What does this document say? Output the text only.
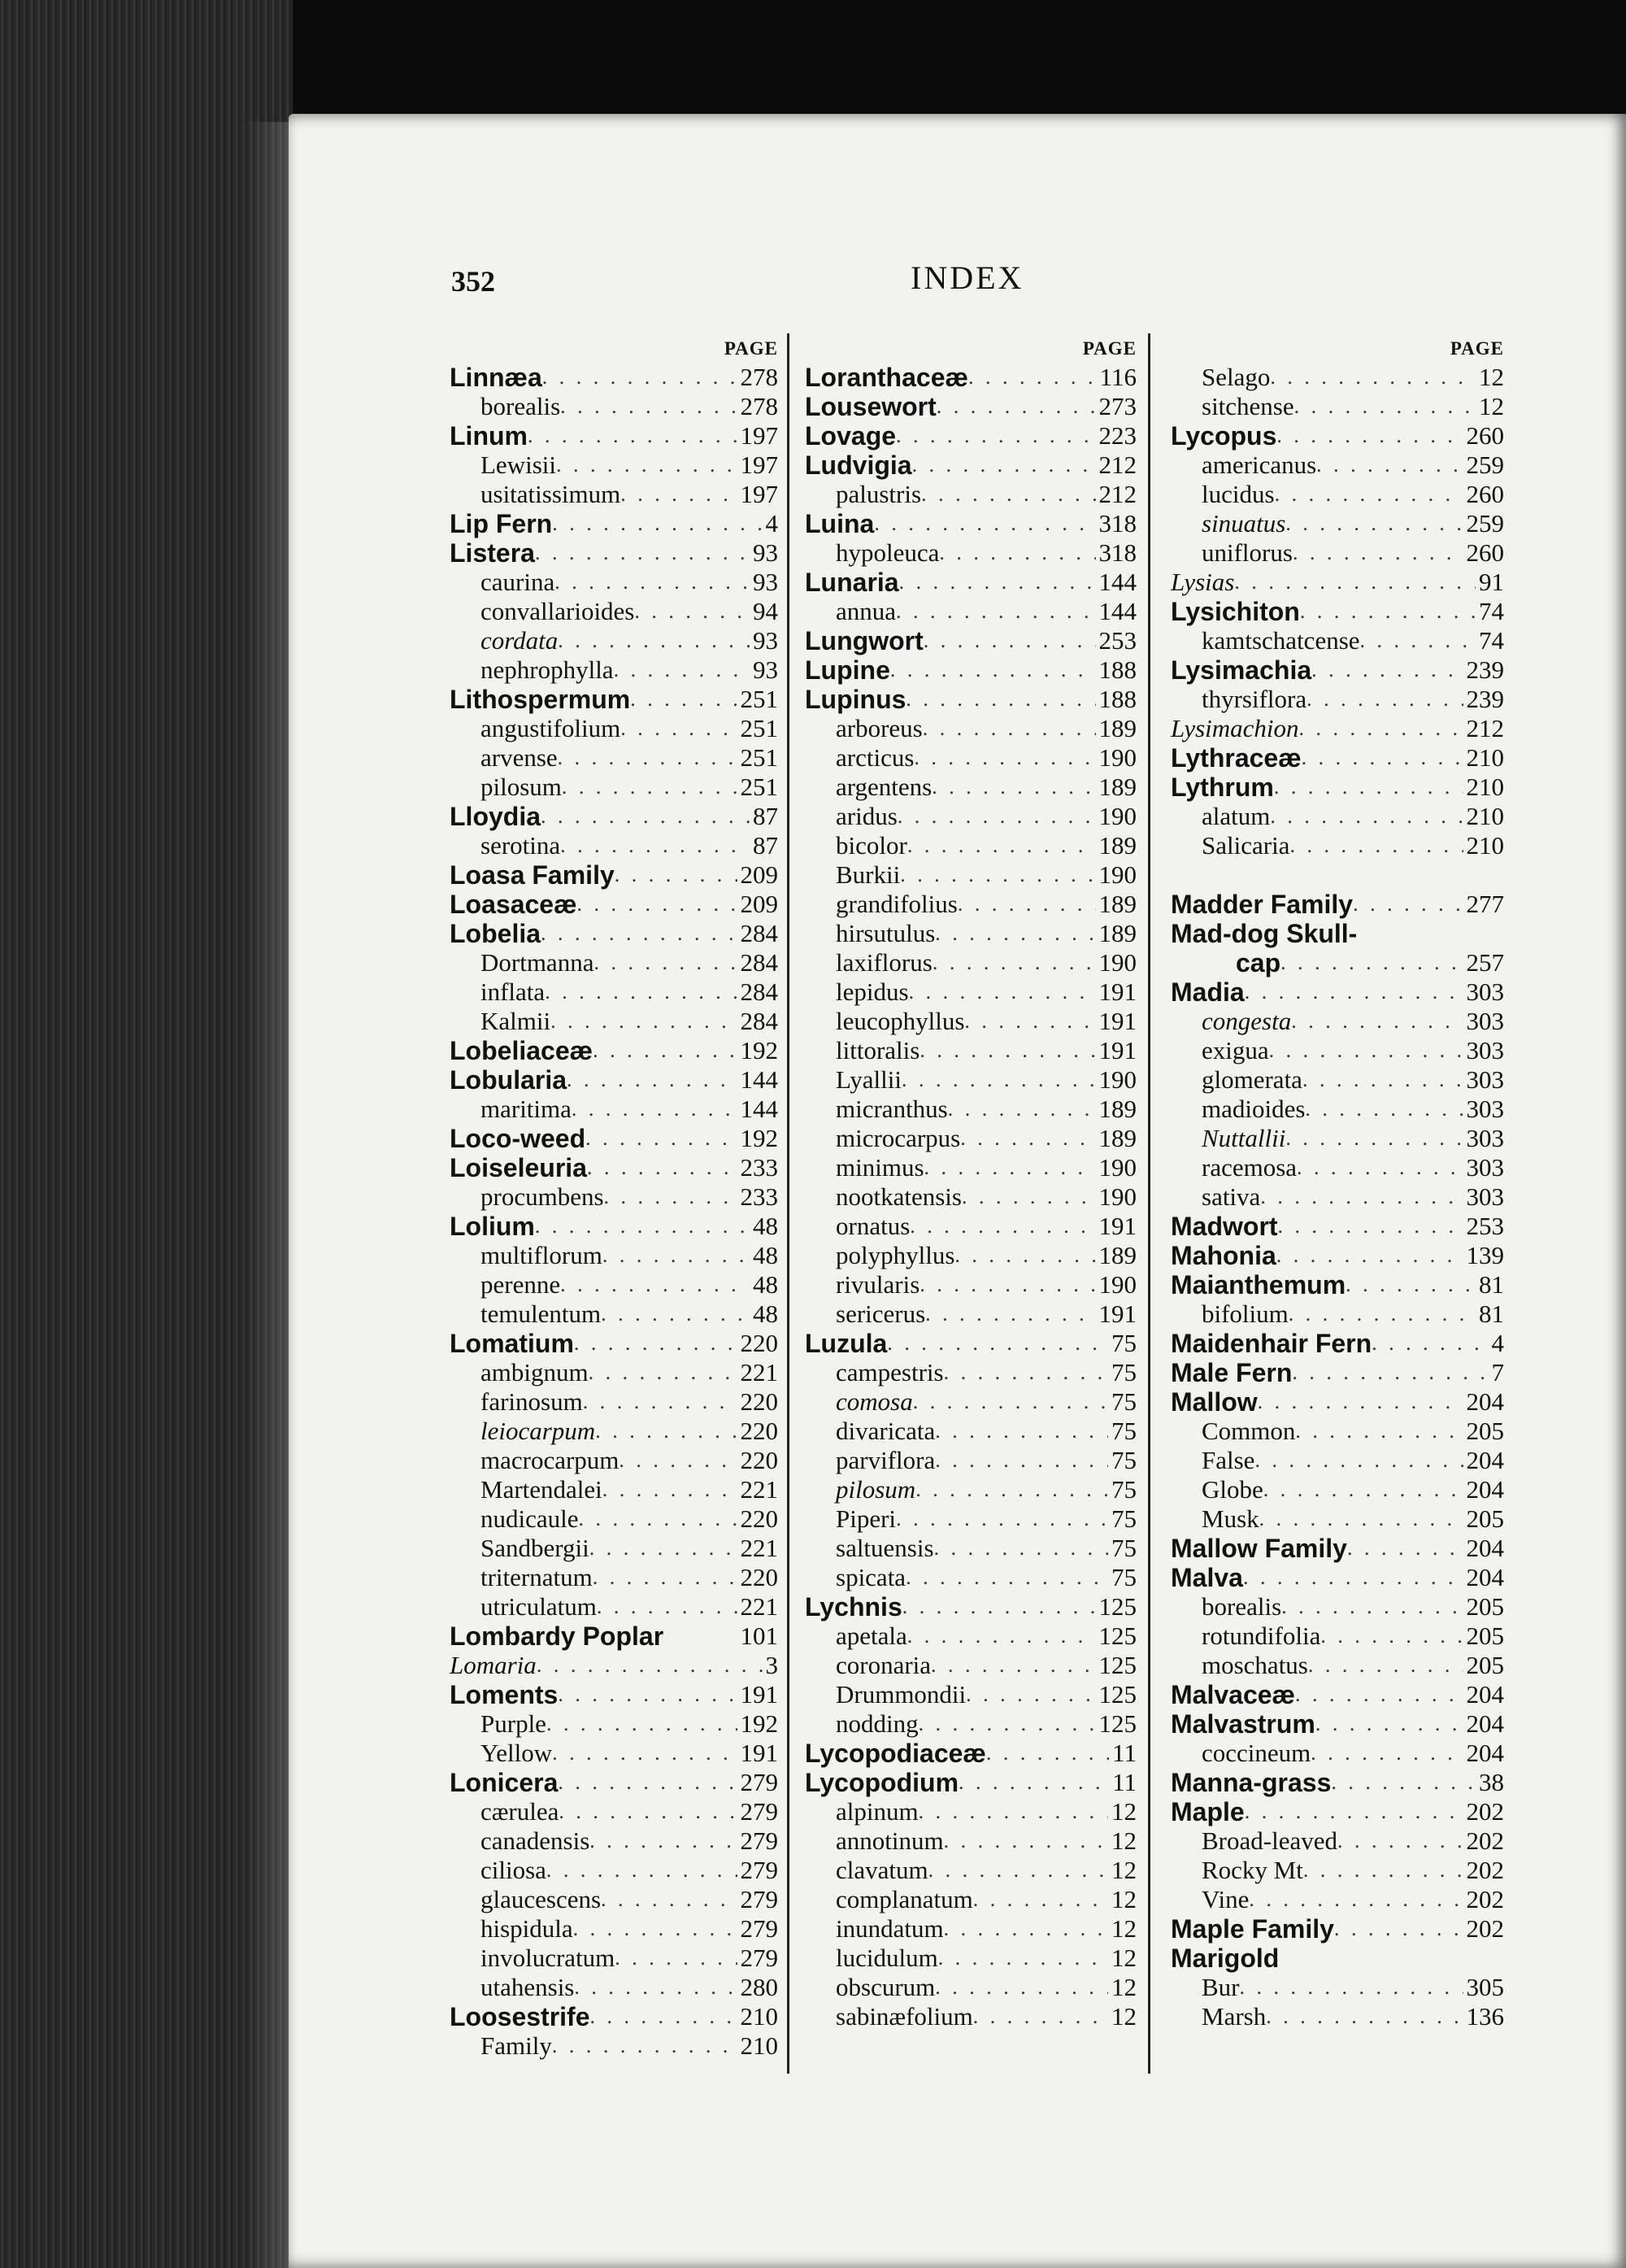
352	INDEX
PAGE
Linnæa . . .	278
borealis . . .	278
Linum . . .	197
Lewisii . . .	197
usitatissimum . . .	197
Lip Fern . . .	4
Listera . . .	93
caurina . . .	93
convallarioides . . .	94
cordata . . .	93
nephrophylla . . .	93
Lithospermum . . .	251
angustifolium . . .	251
arvense . . .	251
pilosum . . .	251
Lloydia . . .	87
serotina . . .	87
Loasa Family . . .	209
Loasaceæ . . .	209
Lobelia . . .	284
Dortmanna . . .	284
inflata . . .	284
Kalmii . . .	284
Lobeliaceæ . . .	192
Lobularia . . .	144
maritima . . .	144
Loco-weed . . .	192
Loiseleuria . . .	233
procumbens . . .	233
Lolium . . .	48
multiflorum . . .	48
perenne . . .	48
temulentum . . .	48
Lomatium . . .	220
ambignum . . .	221
farinosum . . .	220
leiocarpum . . .	220
macrocarpum . . .	220
Martendalei . . .	221
nudicaule . . .	220
Sandbergii . . .	221
triternatum . . .	220
utriculatum . . .	221
Lombardy Poplar	101
Lomaria . . .	3
Loments . . .	191
Purple . . .	192
Yellow . . .	191
Lonicera . . .	279
cærulea . . .	279
canadensis . . .	279
ciliosa . . .	279
glaucescens . . .	279
hispidula . . .	279
involucratum . . .	279
utahensis . . .	280
Loosestrife . . .	210
Family . . .	210
PAGE
Loranthaceæ . . .	116
Lousewort . . .	273
Lovage . . .	223
Ludvigia . . .	212
palustris . . .	212
Luina . . .	318
hypoleuca . . .	318
Lunaria . . .	144
annua . . .	144
Lungwort . . .	253
Lupine . . .	188
Lupinus . . .	188
arboreus . . .	189
arcticus . . .	190
argentens . . .	189
aridus . . .	190
bicolor . . .	189
Burkii . . .	190
grandifolius . . .	189
hirsutulus . . .	189
laxiflorus . . .	190
lepidus . . .	191
leucophyllus . . .	191
littoralis . . .	191
Lyallii . . .	190
micranthus . . .	189
microcarpus . . .	189
minimus . . .	190
nootkatensis . . .	190
ornatus . . .	191
polyphyllus . . .	189
rivularis . . .	190
sericerus . . .	191
Luzula . . .	75
campestris . . .	75
comosa . . .	75
divaricata . . .	75
parviflora . . .	75
pilosum . . .	75
Piperi . . .	75
saltuensis . . .	75
spicata . . .	75
Lychnis . . .	125
apetala . . .	125
coronaria . . .	125
Drummondii . . .	125
nodding . . .	125
Lycopodiaceæ . . .	11
Lycopodium . . .	11
alpinum . . .	12
annotinum . . .	12
clavatum . . .	12
complanatum . . .	12
inundatum . . .	12
lucidulum . . .	12
obscurum . . .	12
sabinæfolium . . .	12
PAGE
Selago . . .	12
sitchense . . .	12
Lycopus . . .	260
americanus . . .	259
lucidus . . .	260
sinuatus . . .	259
uniflorus . . .	260
Lysias . . .	91
Lysichiton . . .	74
kamtschatcense . . .	74
Lysimachia . . .	239
thyrsiflora . . .	239
Lysimachion . . .	212
Lythraceæ . . .	210
Lythrum . . .	210
alatum . . .	210
Salicaria . . .	210
Madder Family . . .	277
Mad-dog Skull-
cap . . .	257
Madia . . .	303
congesta . . .	303
exigua . . .	303
glomerata . . .	303
madioides . . .	303
Nuttallii . . .	303
racemosa . . .	303
sativa . . .	303
Madwort . . .	253
Mahonia . . .	139
Maianthemum . . .	81
bifolium . . .	81
Maidenhair Fern . . .	4
Male Fern . . .	7
Mallow . . .	204
Common . . .	205
False . . .	204
Globe . . .	204
Musk . . .	205
Mallow Family . . .	204
Malva . . .	204
borealis . . .	205
rotundifolia . . .	205
moschatus . . .	205
Malvaceæ . . .	204
Malvastrum . . .	204
coccineum . . .	204
Manna-grass . . .	38
Maple . . .	202
Broad-leaved . . .	202
Rocky Mt . . .	202
Vine . . .	202
Maple Family . . .	202
Marigold
Bur . . .	305
Marsh . . .	136
